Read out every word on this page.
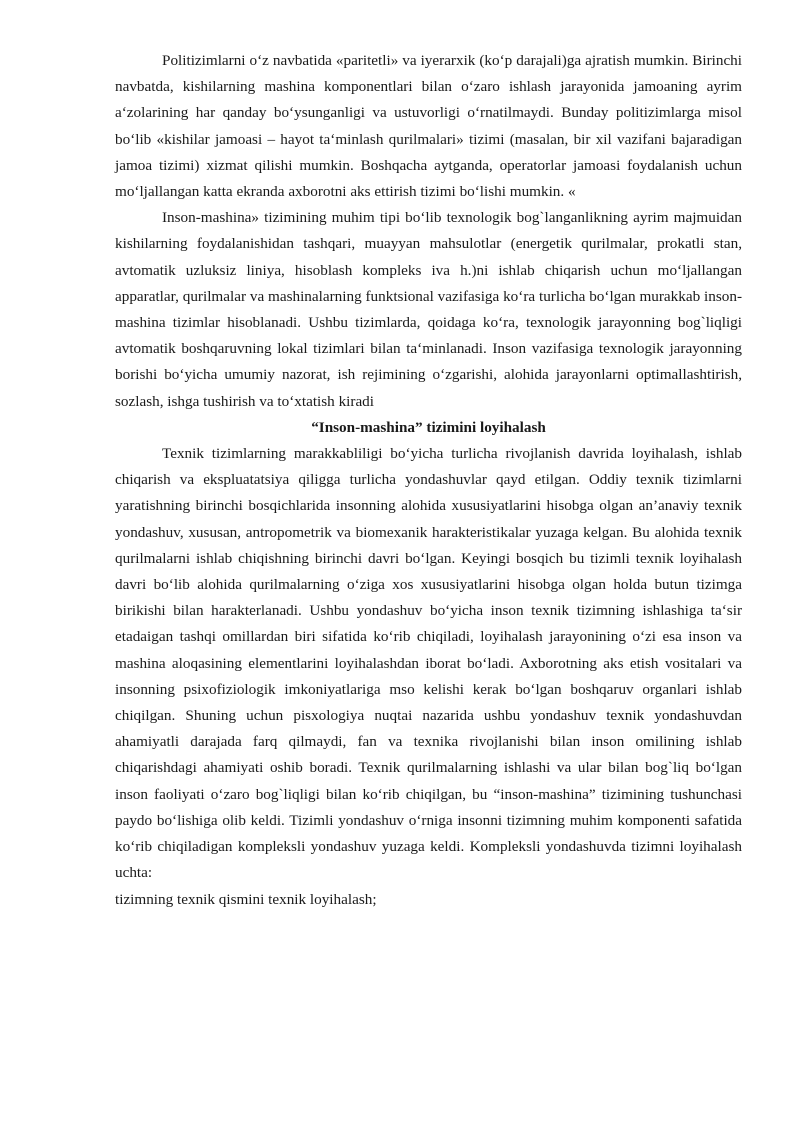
Politizimlarni o‘z navbatida «paritetli» va iyerarxik (ko‘p darajali)ga ajratish mumkin. Birinchi navbatda, kishilarning mashina komponentlari bilan o‘zaro ishlash jarayonida jamoaning ayrim a‘zolarining har qanday bo‘ysunganligi va ustuvorligi o‘rnatilmaydi. Bunday politizimlarga misol bo‘lib «kishilar jamoasi – hayot ta‘minlash qurilmalari» tizimi (masalan, bir xil vazifani bajaradigan jamoa tizimi) xizmat qilishi mumkin. Boshqacha aytganda, operatorlar jamoasi foydalanish uchun mo‘ljallangan katta ekranda axborotni aks ettirish tizimi bo‘lishi mumkin. «

Inson-mashina» tizimining muhim tipi bo‘lib texnologik bog`langanlikning ayrim majmuidan kishilarning foydalanishidan tashqari, muayyan mahsulotlar (energetik qurilmalar, prokatli stan, avtomatik uzluksiz liniya, hisoblash kompleks iva h.)ni ishlab chiqarish uchun mo‘ljallangan apparatlar, qurilmalar va mashinalarning funktsional vazifasiga ko‘ra turlicha bo‘lgan murakkab inson-mashina tizimlar hisoblanadi. Ushbu tizimlarda, qoidaga ko‘ra, texnologik jarayonning bog`liqligi avtomatik boshqaruvning lokal tizimlari bilan ta‘minlanadi. Inson vazifasiga texnologik jarayonning borishi bo‘yicha umumiy nazorat, ish rejimining o‘zgarishi, alohida jarayonlarni optimallashtirish, sozlash, ishga tushirish va to‘xtatish kiradi

“Inson-mashina” tizimini loyihalash

Texnik tizimlarning marakkabliligi bo‘yicha turlicha rivojlanish davrida loyihalash, ishlab chiqarish va ekspluatatsiya qiligga turlicha yondashuvlar qayd etilgan. Oddiy texnik tizimlarni yaratishning birinchi bosqichlarida insonning alohida xususiyatlarini hisobga olgan an’anaviy texnik yondashuv, xususan, antropometrik va biomexanik harakteristikalar yuzaga kelgan. Bu alohida texnik qurilmalarni ishlab chiqishning birinchi davri bo‘lgan. Keyingi bosqich bu tizimli texnik loyihalash davri bo‘lib alohida qurilmalarning o‘ziga xos xususiyatlarini hisobga olgan holda butun tizimga birikishi bilan harakterlanadi. Ushbu yondashuv bo‘yicha inson texnik tizimning ishlashiga ta‘sir etadaigan tashqi omillardan biri sifatida ko‘rib chiqiladi, loyihalash jarayonining o‘zi esa inson va mashina aloqasining elementlarini loyihalashdan iborat bo‘ladi. Axborotning aks etish vositalari va insonning psixofiziologik imkoniyatlariga mso kelishi kerak bo‘lgan boshqaruv organlari ishlab chiqilgan. Shuning uchun pisxologiya nuqtai nazarida ushbu yondashuv texnik yondashuvdan ahamiyatli darajada farq qilmaydi, fan va texnika rivojlanishi bilan inson omilining ishlab chiqarishdagi ahamiyati oshib boradi. Texnik qurilmalarning ishlashi va ular bilan bog`liq bo‘lgan inson faoliyati o‘zaro bog`liqligi bilan ko‘rib chiqilgan, bu “inson-mashina” tizimining tushunchasi paydo bo‘lishiga olib keldi. Tizimli yondashuv o‘rniga insonni tizimning muhim komponenti safatida ko‘rib chiqiladigan kompleksli yondashuv yuzaga keldi. Kompleksli yondashuvda tizimni loyihalash uchta:

tizimning texnik qismini texnik loyihalash;
